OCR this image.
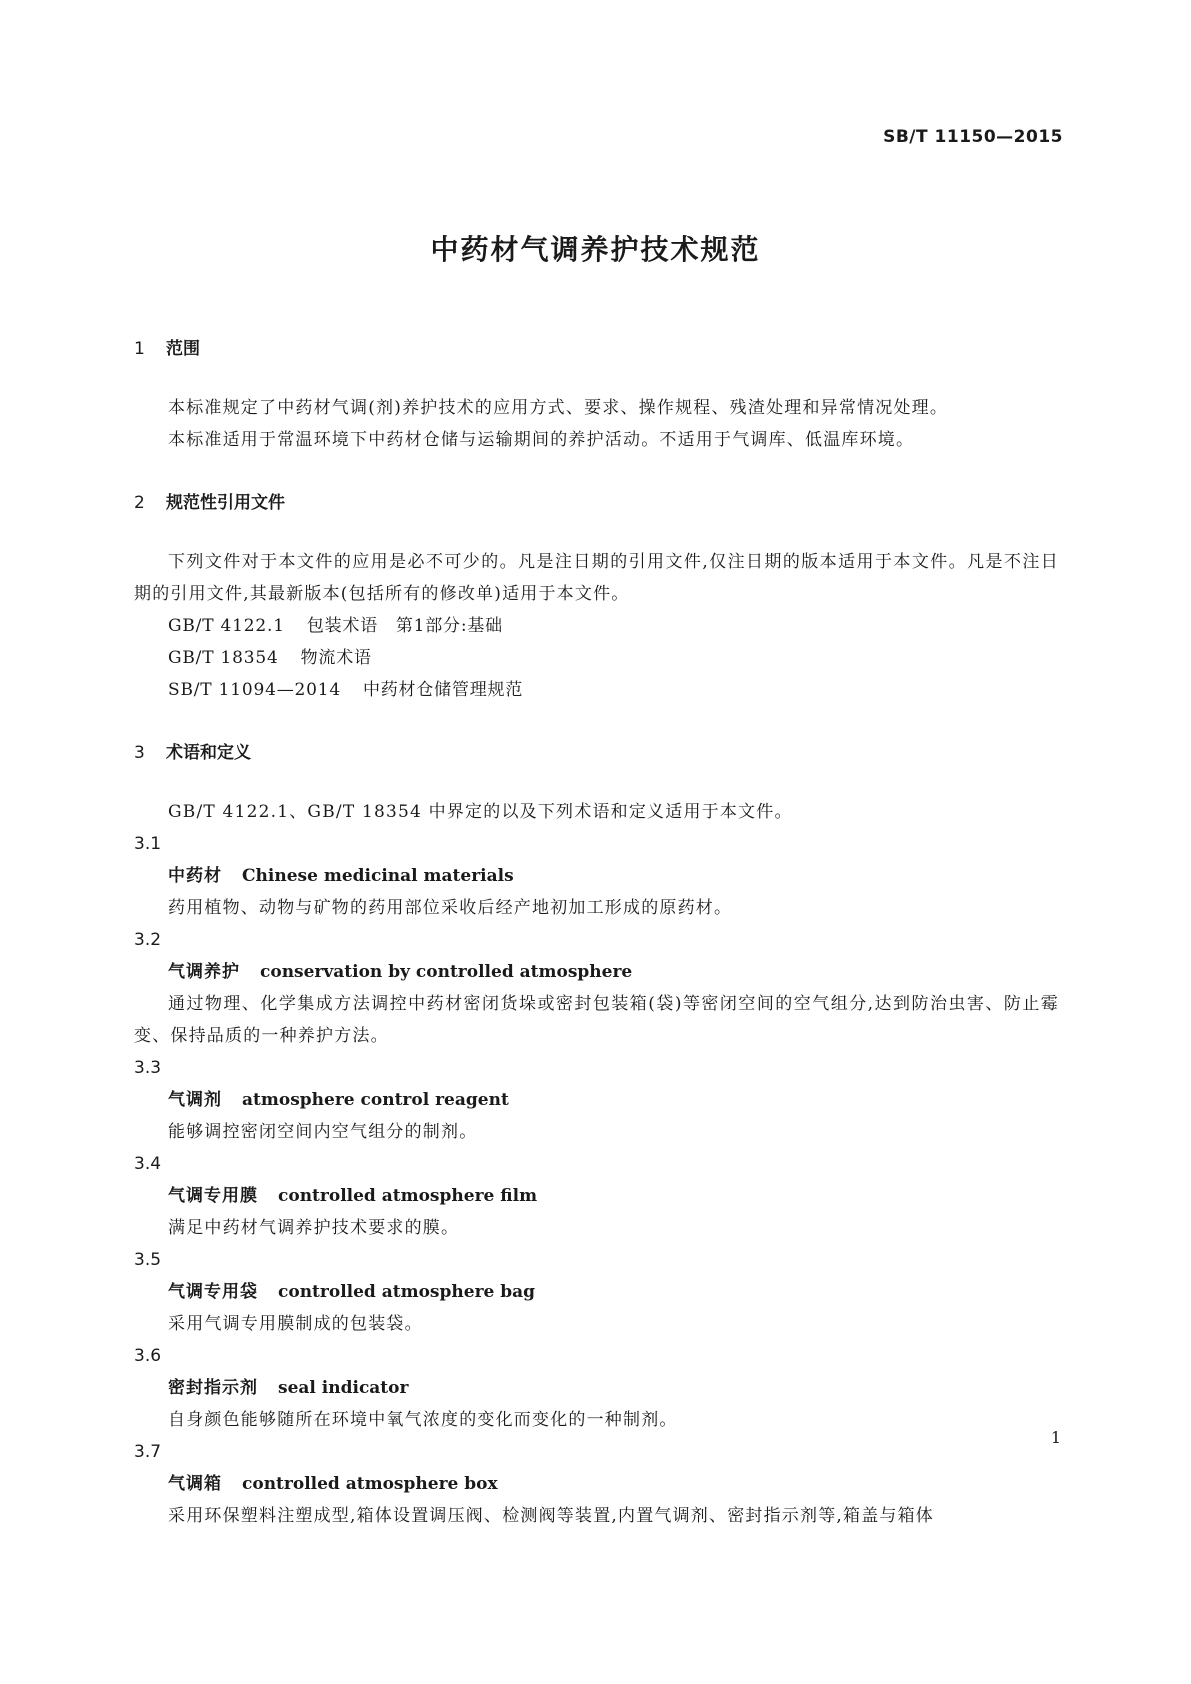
SB/T 11150—2015
中药材气调养护技术规范
1 范围

本标准规定了中药材气调(剂)养护技术的应用方式、要求、操作规程、残渣处理和异常情况处理。

本标准适用于常温环境下中药材仓储与运输期间的养护活动。不适用于气调库、低温库环境。

2 规范性引用文件

下列文件对于本文件的应用是必不可少的。凡是注日期的引用文件,仅注日期的版本适用于本文件。凡是不注日期的引用文件,其最新版本(包括所有的修改单)适用于本文件。

GB/T 4122.1 包装术语　第1部分:基础

GB/T 18354 物流术语

SB/T 11094—2014 中药材仓储管理规范

3 术语和定义

GB/T 4122.1、GB/T 18354 中界定的以及下列术语和定义适用于本文件。

3.1

中药材 Chinese medicinal materials

药用植物、动物与矿物的药用部位采收后经产地初加工形成的原药材。

3.2

气调养护 conservation by controlled atmosphere

通过物理、化学集成方法调控中药材密闭货垛或密封包装箱(袋)等密闭空间的空气组分,达到防治虫害、防止霉变、保持品质的一种养护方法。

3.3

气调剂 atmosphere control reagent

能够调控密闭空间内空气组分的制剂。

3.4

气调专用膜 controlled atmosphere film

满足中药材气调养护技术要求的膜。

3.5

气调专用袋 controlled atmosphere bag

采用气调专用膜制成的包装袋。

3.6

密封指示剂 seal indicator

自身颜色能够随所在环境中氧气浓度的变化而变化的一种制剂。

3.7

气调箱 controlled atmosphere box

采用环保塑料注塑成型,箱体设置调压阀、检测阀等装置,内置气调剂、密封指示剂等,箱盖与箱体

1
